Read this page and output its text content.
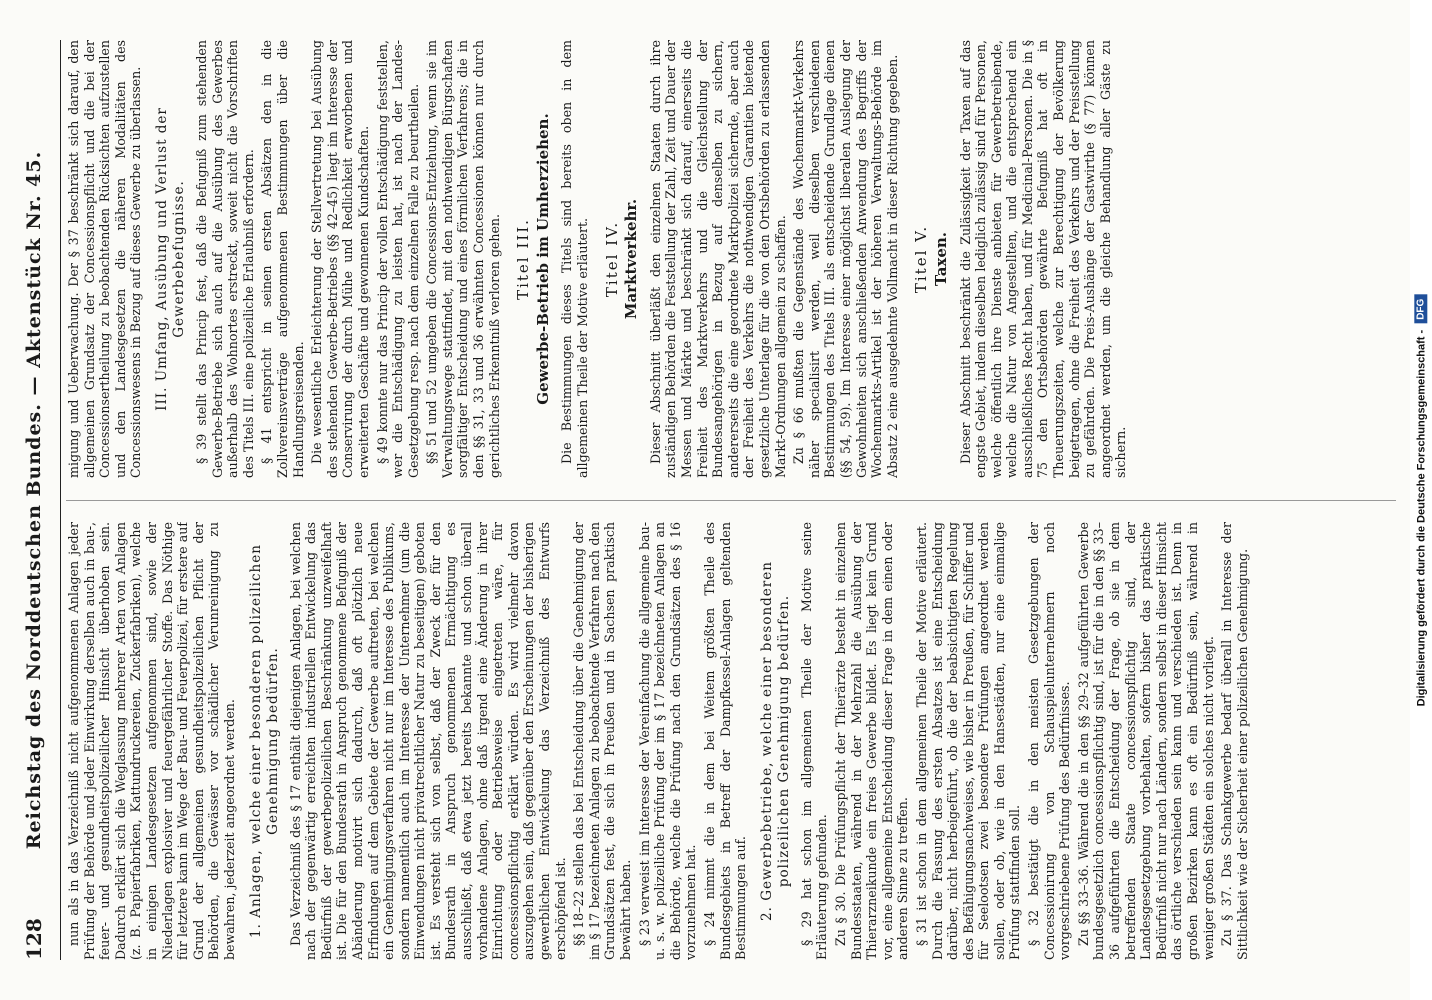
128
Reichstag des Norddeutschen Bundes. — Aktenstück Nr. 45. nun als in das Verzeichniß nicht aufgenommenen Anlagen jeder Prüfung der Behörde und jeder Einwirkung derselben auch in bau-, feuer- und gesundheitspolizeilicher Hinsicht überhoben sein. Dadurch erklärt sich die Weglassung mehrerer Arten von Anlagen (z. B. Papierfabriken, Kattundruckereien, Zuckerfabriken), welche in einigen Landesgesetzen aufgenommen sind, sowie der Niederlagen explosiver und feuergefährlicher Stoffe. Das Nöthige für letztere kann im Wege der Bau- und Feuerpolizei, für erstere auf Grund der allgemeinen gesundheitspolizeilichen Pflicht der Behörden, die Gewässer vor schädlicher Verunreinigung zu bewahren, jederzeit angeordnet werden. 1. Anlagen, welche einer besonderen polizeilichen Genehmigung bedürfen. Das Verzeichniß des § 17 enthält diejenigen Anlagen, bei welchen nach der gegenwärtig erreichten industriellen Entwickelung das Bedürfniß der gewerbepolizeilichen Beschränkung unzweifelhaft ist. Die für den Bundesrath in Anspruch genommene Befugniß der Abänderung motivirt sich dadurch, daß oft plötzlich neue Erfindungen auf dem Gebiete der Gewerbe auftreten, bei welchen ein Genehmigungsverfahren nicht nur im Interesse des Publikums, sondern namentlich auch im Interesse der Unternehmer (um die Einwendungen nicht privatrechtlicher Natur zu beseitigen) geboten ist. Es versteht sich von selbst, daß der Zweck der für den Bundesrath in Anspruch genommenen Ermächtigung es ausschließt, daß etwa jetzt bereits bekannte und schon überall vorhandene Anlagen, ohne daß irgend eine Änderung in ihrer Einrichtung oder Betriebsweise eingetreten wäre, für concessionspflichtig erklärt würden. Es wird vielmehr davon auszugehen sein, daß gegenüber den Erscheinungen der bisherigen gewerblichen Entwickelung das Verzeichniß des Entwurfs erschöpfend ist. §§ 18–22 stellen das bei Entscheidung über die Genehmigung der im § 17 bezeichneten Anlagen zu beobachtende Verfahren nach den Grundsätzen fest, die sich in Preußen und in Sachsen praktisch bewährt haben. § 23 verweist im Interesse der Vereinfachung die allgemeine bau- u. s. w. polizeiliche Prüfung der im § 17 bezeichneten Anlagen an die Behörde, welche die Prüfung nach den Grundsätzen des § 16 vorzunehmen hat. § 24 nimmt die in dem bei Weitem größten Theile des Bundesgebiets in Betreff der Dampfkessel-Anlagen geltenden Bestimmungen auf. 2. Gewerbebetriebe, welche einer besonderen polizeilichen Genehmigung bedürfen. § 29 hat schon im allgemeinen Theile der Motive seine Erläuterung gefunden. Zu § 30. Die Prüfungspflicht der Thierärzte besteht in einzelnen Bundesstaaten, während in der Mehrzahl die Ausübung der Thierarzneikunde ein freies Gewerbe bildet. Es liegt kein Grund vor, eine allgemeine Entscheidung dieser Frage in dem einen oder anderen Sinne zu treffen. § 31 ist schon in dem allgemeinen Theile der Motive erläutert. Durch die Fassung des ersten Absatzes ist eine Entscheidung darüber, nicht herbeigeführt, ob die der beabsichtigten Regelung des Befähigungsnachweises, wie bisher in Preußen, für Schiffer und für Seelootsen zwei besondere Prüfungen angeordnet werden sollen, oder ob, wie in den Hansestädten, nur eine einmalige Prüfung stattfinden soll. § 32 bestätigt die in den meisten Gesetzgebungen der Concessionirung von Schauspielunternehmern noch vorgeschriebene Prüfung des Bedürfnisses. Zu §§ 33–36. Während die in den §§ 29–32 aufgeführten Gewerbe bundesgesetzlich concessionspflichtig sind, ist für die in den §§ 33–36 aufgeführten die Entscheidung der Frage, ob sie in dem betreffenden Staate concessionspflichtig sind, der Landesgesetzgebung vorbehalten, sofern bisher das praktische Bedürfniß nicht nur nach Ländern, sondern selbst in dieser Hinsicht das örtliche verschieden sein kann und verschieden ist. Denn in großen Bezirken kann es oft ein Bedürfniß sein, während in weniger großen Städten ein solches nicht vorliegt. Zu § 37. Das Schankgewerbe bedarf überall in Interesse der Sittlichkeit wie der Sicherheit einer polizeilichen Genehmigung.

migung und Ueberwachung. Der § 37 beschränkt sich darauf, den allgemeinen Grundsatz der Concessionspflicht und die bei der Concessionsertheilung zu beobachtenden Rücksichten aufzustellen und den Landesgesetzen die näheren Modalitäten des Concessionswesens in Bezug auf dieses Gewerbe zu überlassen. III. Umfang, Ausübung und Verlust der Gewerbebefugnisse. § 39 stellt das Princip fest, daß die Befugniß zum stehenden Gewerbe-Betriebe sich auch auf die Ausübung des Gewerbes außerhalb des Wohnortes erstreckt, soweit nicht die Vorschriften des Titels III. eine polizeiliche Erlaubniß erfordern. § 41 entspricht in seinen ersten Absätzen den in die Zollvereinsverträge aufgenommenen Bestimmungen über die Handlungsreisenden. Die wesentliche Erleichterung der Stellvertretung bei Ausübung des stehenden Gewerbe-Betriebes (§§ 42–45) liegt im Interesse der Conservirung der durch Mühe und Redlichkeit erworbenen und erweiterten Geschäfte und gewonnenen Kundschaften. § 49 konnte nur das Princip der vollen Entschädigung feststellen, wer die Entschädigung zu leisten hat, ist nach der Landes-Gesetzgebung resp. nach dem einzelnen Falle zu beurtheilen. §§ 51 und 52 umgeben die Concessions-Entziehung, wenn sie im Verwaltungswege stattfindet, mit den nothwendigen Bürgschaften sorgfältiger Entscheidung und eines förmlichen Verfahrens; die in den §§ 31, 33 und 36 erwähnten Concessionen können nur durch gerichtliches Erkenntniß verloren gehen. Titel III. Gewerbe-Betrieb im Umherziehen. Die Bestimmungen dieses Titels sind bereits oben in dem allgemeinen Theile der Motive erläutert. Titel IV. Marktverkehr. Dieser Abschnitt überläßt den einzelnen Staaten durch ihre zuständigen Behörden die Feststellung der Zahl, Zeit und Dauer der Messen und Märkte und beschränkt sich darauf, einerseits die Freiheit des Marktverkehrs und die Gleichstellung der Bundesangehörigen in Bezug auf denselben zu sichern, andererseits die eine geordnete Marktpolizei sichernde, aber auch der Freiheit des Verkehrs die nothwendigen Garantien bietende gesetzliche Unterlage für die von den Ortsbehörden zu erlassenden Markt-Ordnungen allgemein zu schaffen. Zu § 66 mußten die Gegenstände des Wochenmarkt-Verkehrs näher specialisirt werden, weil dieselben verschiedenen Bestimmungen des Titels III. als entscheidende Grundlage dienen (§§ 54, 59). Im Interesse einer möglichst liberalen Auslegung der Gewohnheiten sich anschließenden Anwendung des Begriffs der Wochenmarkts-Artikel ist der höheren Verwaltungs-Behörde im Absatz 2 eine ausgedehnte Vollmacht in dieser Richtung gegeben. Titel V. Taxen. Dieser Abschnitt beschränkt die Zulässigkeit der Taxen auf das engste Gebiet, indem dieselben lediglich zulässig sind für Personen, welche öffentlich ihre Dienste anbieten für Gewerbetreibende, welche die Natur von Angestellten, und die entsprechend ein ausschließliches Recht haben, und für Medicinal-Personen. Die in § 75 den Ortsbehörden gewährte Befugniß hat oft in Theuerungszeiten, welche zur Berechtigung der Bevölkerung beigetragen, ohne die Freiheit des Verkehrs und der Preisstellung zu gefährden. Die Preis-Aushänge der Gastwirthe (§ 77) können angeordnet werden, um die gleiche Behandlung aller Gäste zu sichern.	Digitalisierung gefördert durch die Deutsche Forschungsgemeinschaft -
DFG
